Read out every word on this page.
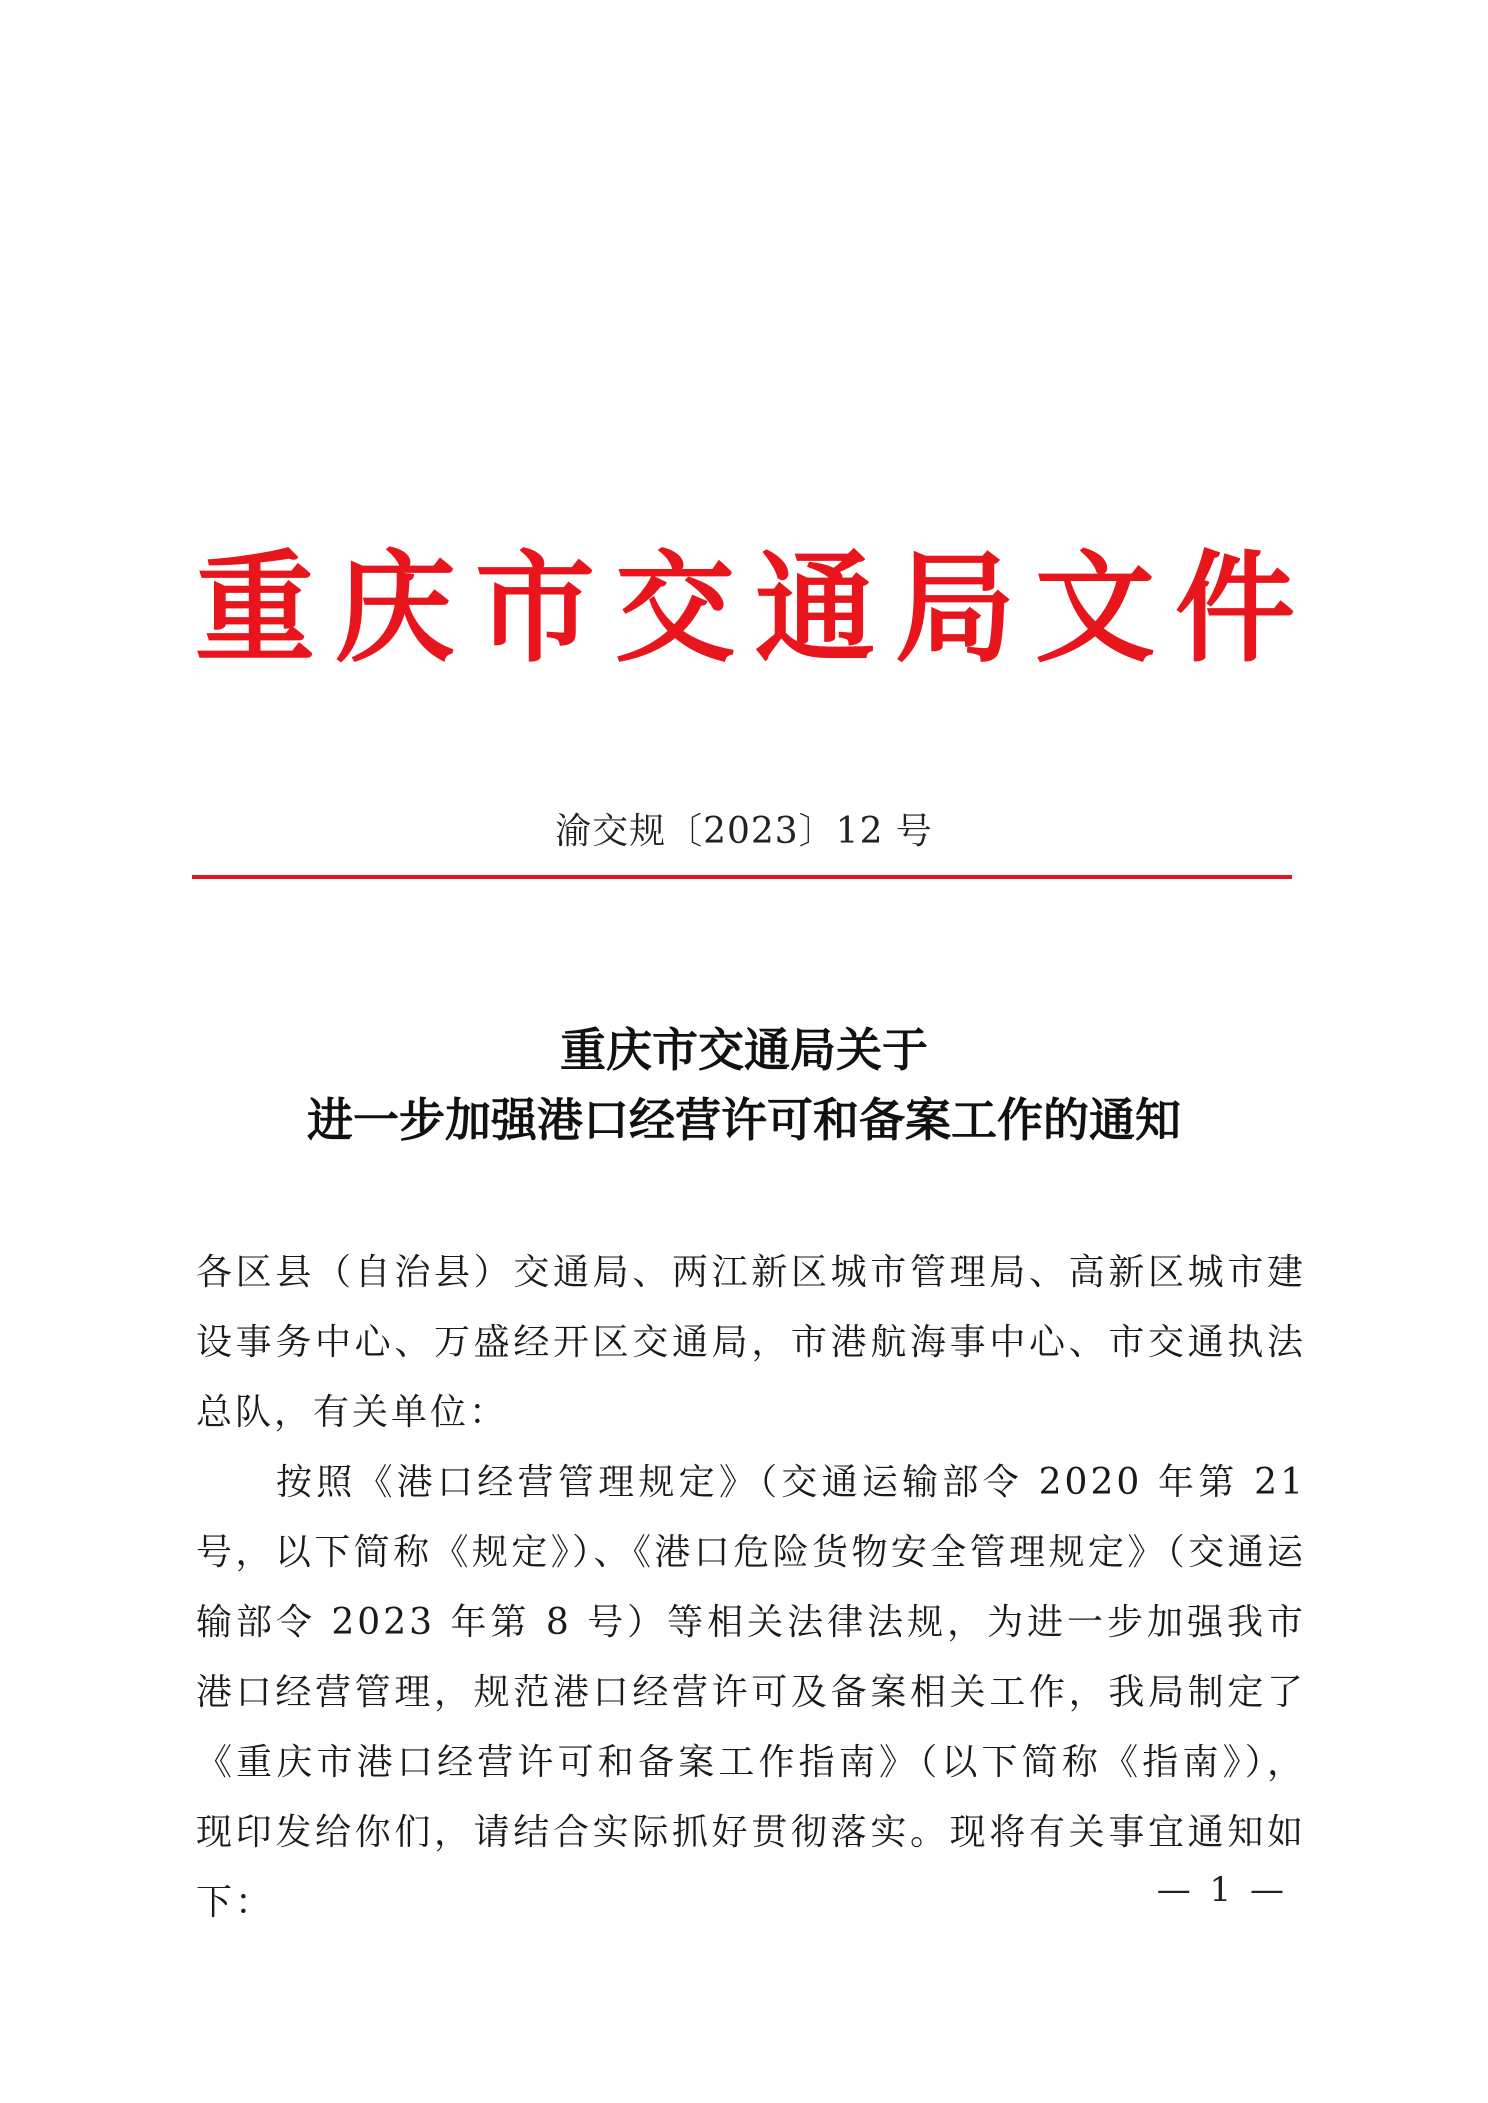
重 庆 市 交 通 局 文 件
渝交规〔2023〕12 号
重庆市交通局关于
进一步加强港口经营许可和备案工作的通知

各区县（自治县）交通局、两江新区城市管理局、高新区城市建设事务中心、万盛经开区交通局，市港航海事中心、市交通执法总队，有关单位：

按照《港口经营管理规定》（交通运输部令 2020 年第 21 号，以下简称《规定》）、《港口危险货物安全管理规定》（交通运输部令 2023 年第 8 号）等相关法律法规，为进一步加强我市港口经营管理，规范港口经营许可及备案相关工作，我局制定了《重庆市港口经营许可和备案工作指南》（以下简称《指南》），现印发给你们，请结合实际抓好贯彻落实。现将有关事宜通知如下：	— 1 —
